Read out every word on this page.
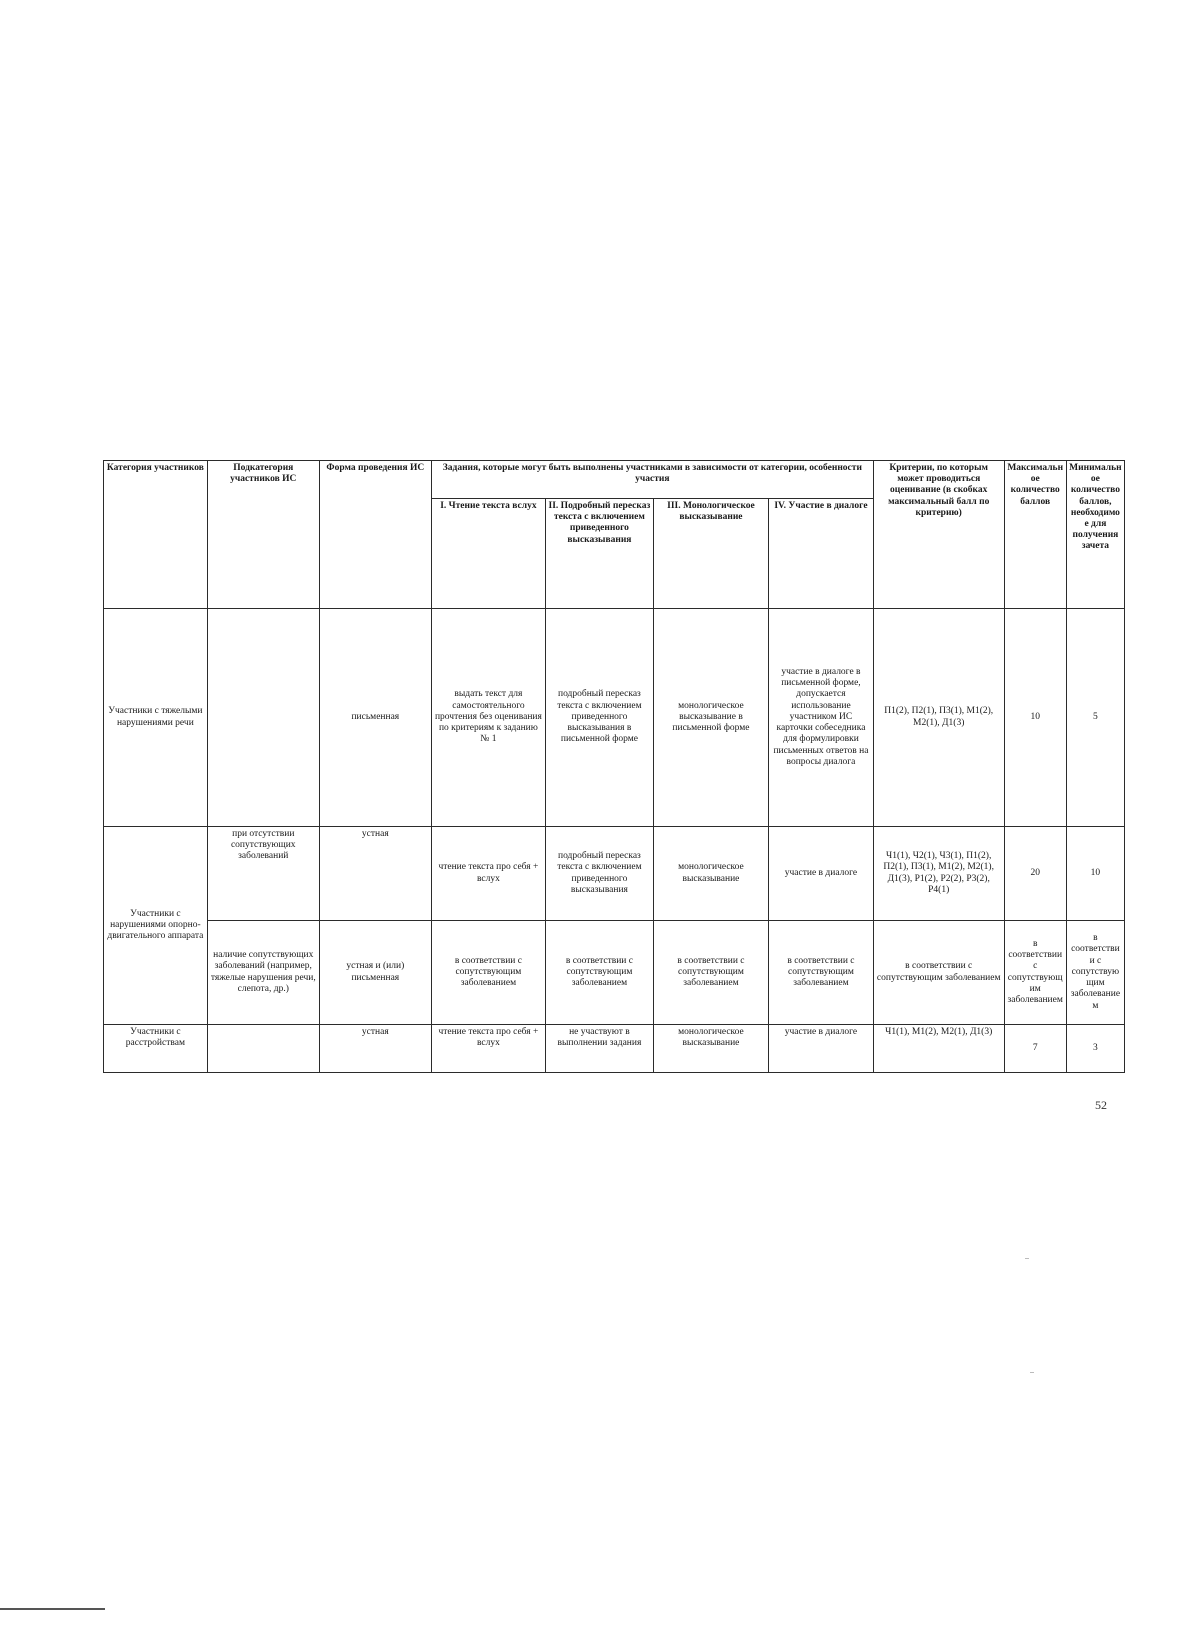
Категория участников	Подкатегория участников ИС	Форма проведения ИС	Задания, которые могут быть выполнены участниками в зависимости от категории, особенности участия				Критерии, по которым может проводиться оценивание (в скобках максимальный балл по критерию)	Максимальное количество баллов	Минимальное количество баллов, необходимое для получения зачета
			I. Чтение текста вслух	II. Подробный пересказ текста с включением приведенного высказывания	III. Монологическое высказывание	IV. Участие в диалоге			
Участники с тяжелыми нарушениями речи		письменная	выдать текст для самостоятельного прочтения без оценивания по критериям к заданию № 1	подробный пересказ текста с включением приведенного высказывания в письменной форме	монологическое высказывание в письменной форме	участие в диалоге в письменной форме, допускается использование участником ИС карточки собеседника для формулировки письменных ответов на вопросы диалога	П1(2), П2(1), П3(1), М1(2), М2(1), Д1(3)	10	5
Участники с нарушениями опорно-двигательного аппарата	при отсутствии сопутствующих заболеваний	устная	чтение текста про себя + вслух	подробный пересказ текста с включением приведенного высказывания	монологическое высказывание	участие в диалоге	Ч1(1), Ч2(1), Ч3(1), П1(2), П2(1), П3(1), М1(2), М2(1), Д1(3), Р1(2), Р2(2), Р3(2), Р4(1)	20	10
	наличие сопутствующих заболеваний (например, тяжелые нарушения речи, слепота, др.)	устная и (или) письменная	в соответствии с сопутствующим заболеванием	в соответствии с сопутствующим заболеванием	в соответствии с сопутствующим заболеванием	в соответствии с сопутствующим заболеванием	в соответствии с сопутствующим заболеванием	в соответствии с сопутствующим заболеванием	в соответствии с сопутствующим заболеванием
Участники с расстройствам		устная	чтение текста про себя + вслух	не участвуют в выполнении задания	монологическое высказывание	участие в диалоге	Ч1(1), М1(2), М2(1), Д1(3)	7	3
52
